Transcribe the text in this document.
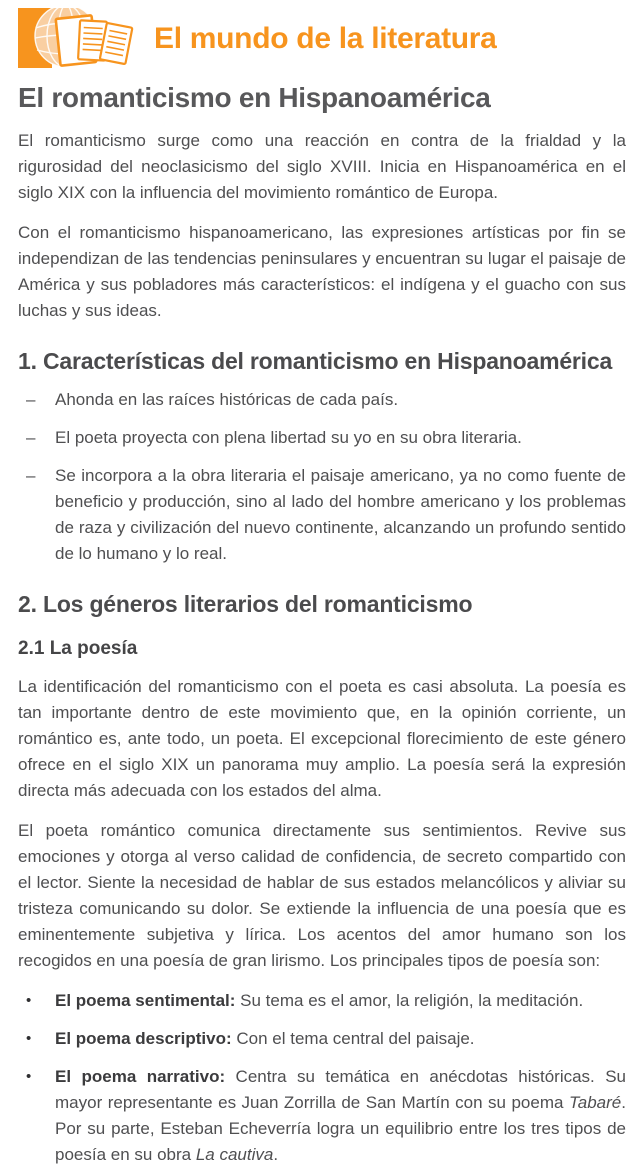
El mundo de la literatura
El romanticismo en Hispanoamérica

El romanticismo surge como una reacción en contra de la frialdad y la rigurosidad del neoclasicismo del siglo XVIII. Inicia en Hispanoamérica en el siglo XIX con la influencia del movimiento romántico de Europa.

Con el romanticismo hispanoamericano, las expresiones artísticas por fin se independizan de las tendencias peninsulares y encuentran su lugar el paisaje de América y sus pobladores más característicos: el indígena y el guacho con sus luchas y sus ideas.

1. Características del romanticismo en Hispanoamérica
–	Ahonda en las raíces históricas de cada país.
–	El poeta proyecta con plena libertad su yo en su obra literaria.
–	Se incorpora a la obra literaria el paisaje americano, ya no como fuente de beneficio y producción, sino al lado del hombre americano y los problemas de raza y civilización del nuevo continente, alcanzando un profundo sentido de lo humano y lo real.
2. Los géneros literarios del romanticismo
2.1 La poesía

La identificación del romanticismo con el poeta es casi absoluta. La poesía es tan importante dentro de este movimiento que, en la opinión corriente, un romántico es, ante todo, un poeta. El excepcional florecimiento de este género ofrece en el siglo XIX un panorama muy amplio. La poesía será la expresión directa más adecuada con los estados del alma.

El poeta romántico comunica directamente sus sentimientos. Revive sus emociones y otorga al verso calidad de confidencia, de secreto compartido con el lector. Siente la necesidad de hablar de sus estados melancólicos y aliviar su tristeza comunicando su dolor. Se extiende la influencia de una poesía que es eminentemente subjetiva y lírica. Los acentos del amor humano son los recogidos en una poesía de gran lirismo. Los principales tipos de poesía son:

•	El poema sentimental: Su tema es el amor, la religión, la meditación.
•	El poema descriptivo: Con el tema central del paisaje.
•	El poema narrativo: Centra su temática en anécdotas históricas. Su mayor representante es Juan Zorrilla de San Martín con su poema Tabaré. Por su parte, Esteban Echeverría logra un equilibrio entre los tres tipos de poesía en su obra La cautiva.
